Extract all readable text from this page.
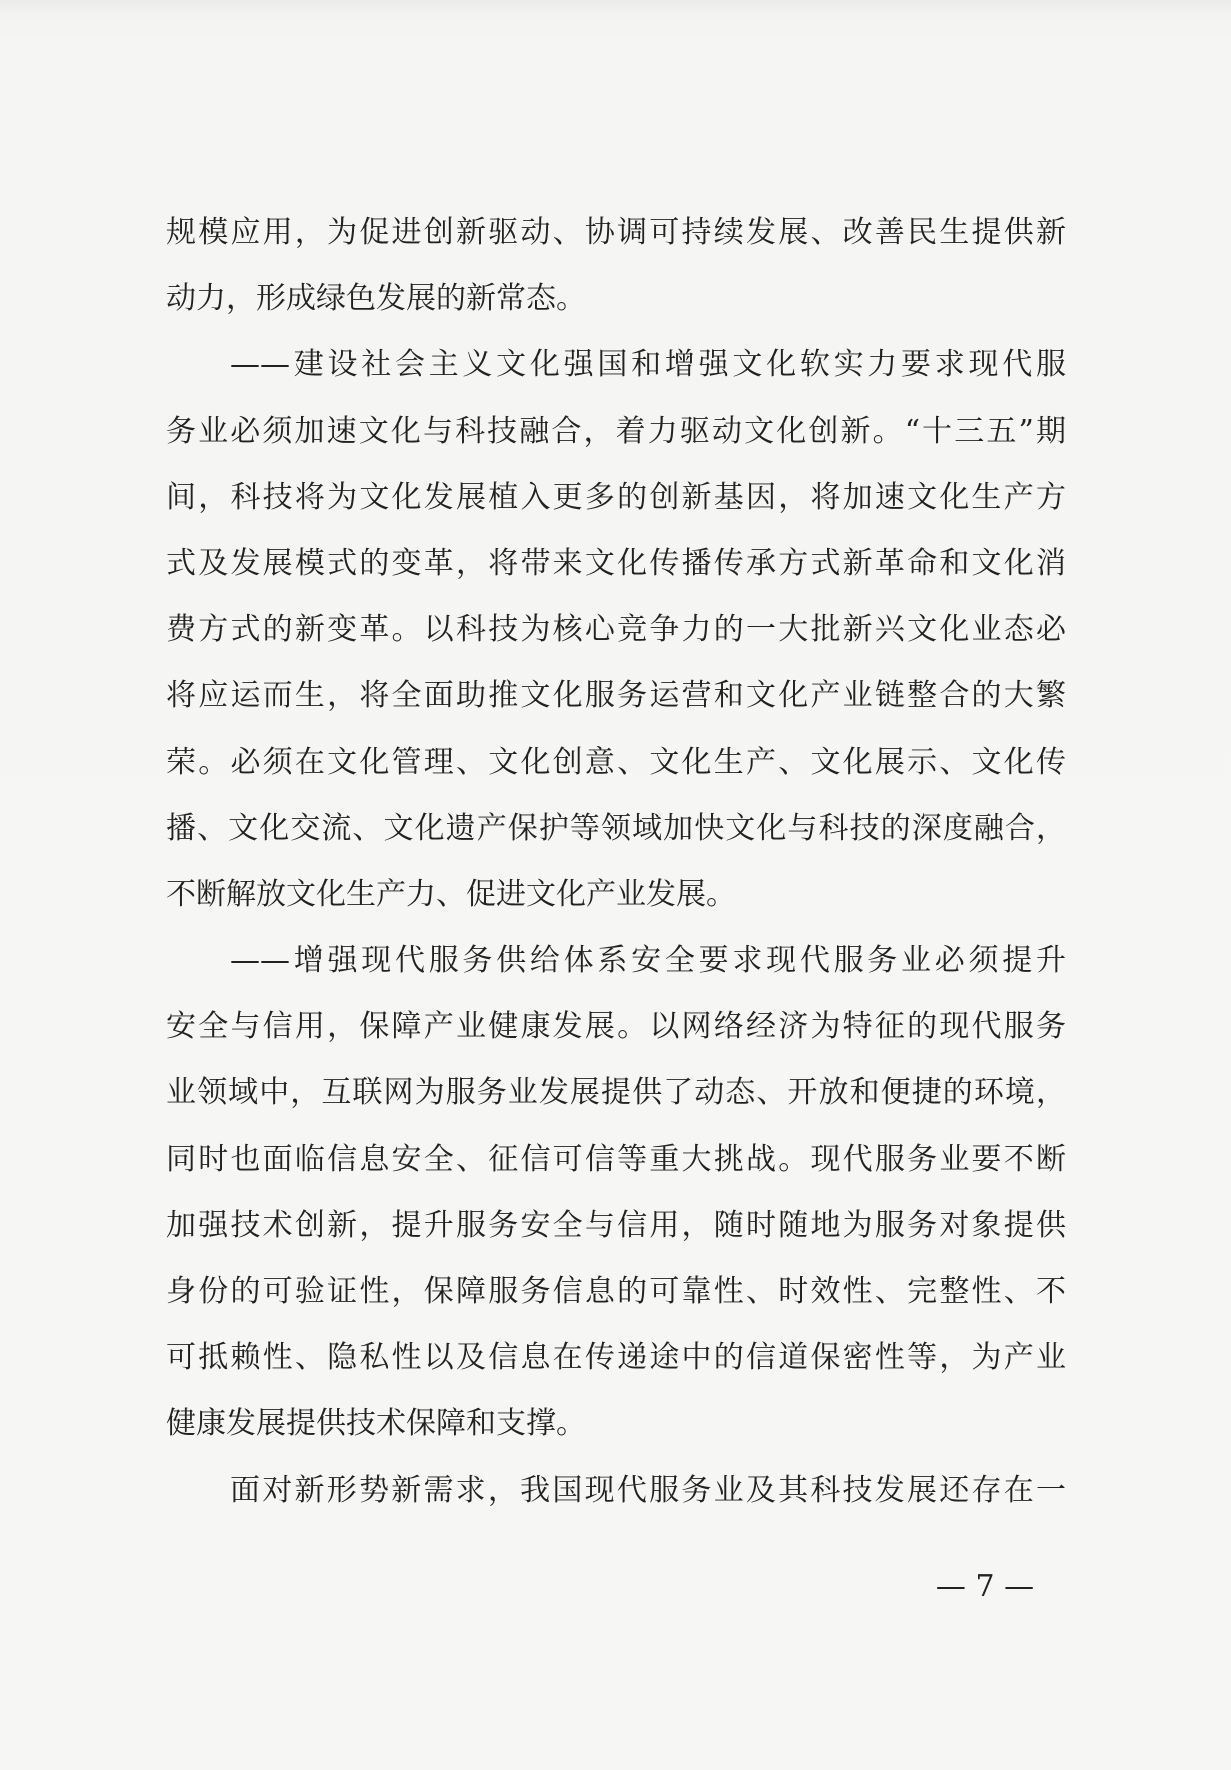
规模应用，为促进创新驱动、协调可持续发展、改善民生提供新
动力，形成绿色发展的新常态。
——建设社会主义文化强国和增强文化软实力要求现代服
务业必须加速文化与科技融合，着力驱动文化创新。“十三五”期
间，科技将为文化发展植入更多的创新基因，将加速文化生产方
式及发展模式的变革，将带来文化传播传承方式新革命和文化消
费方式的新变革。以科技为核心竞争力的一大批新兴文化业态必
将应运而生，将全面助推文化服务运营和文化产业链整合的大繁
荣。必须在文化管理、文化创意、文化生产、文化展示、文化传
播、文化交流、文化遗产保护等领域加快文化与科技的深度融合，
不断解放文化生产力、促进文化产业发展。
——增强现代服务供给体系安全要求现代服务业必须提升
安全与信用，保障产业健康发展。以网络经济为特征的现代服务
业领域中，互联网为服务业发展提供了动态、开放和便捷的环境，
同时也面临信息安全、征信可信等重大挑战。现代服务业要不断
加强技术创新，提升服务安全与信用，随时随地为服务对象提供
身份的可验证性，保障服务信息的可靠性、时效性、完整性、不
可抵赖性、隐私性以及信息在传递途中的信道保密性等，为产业
健康发展提供技术保障和支撑。
面对新形势新需求，我国现代服务业及其科技发展还存在一
— 7 —
